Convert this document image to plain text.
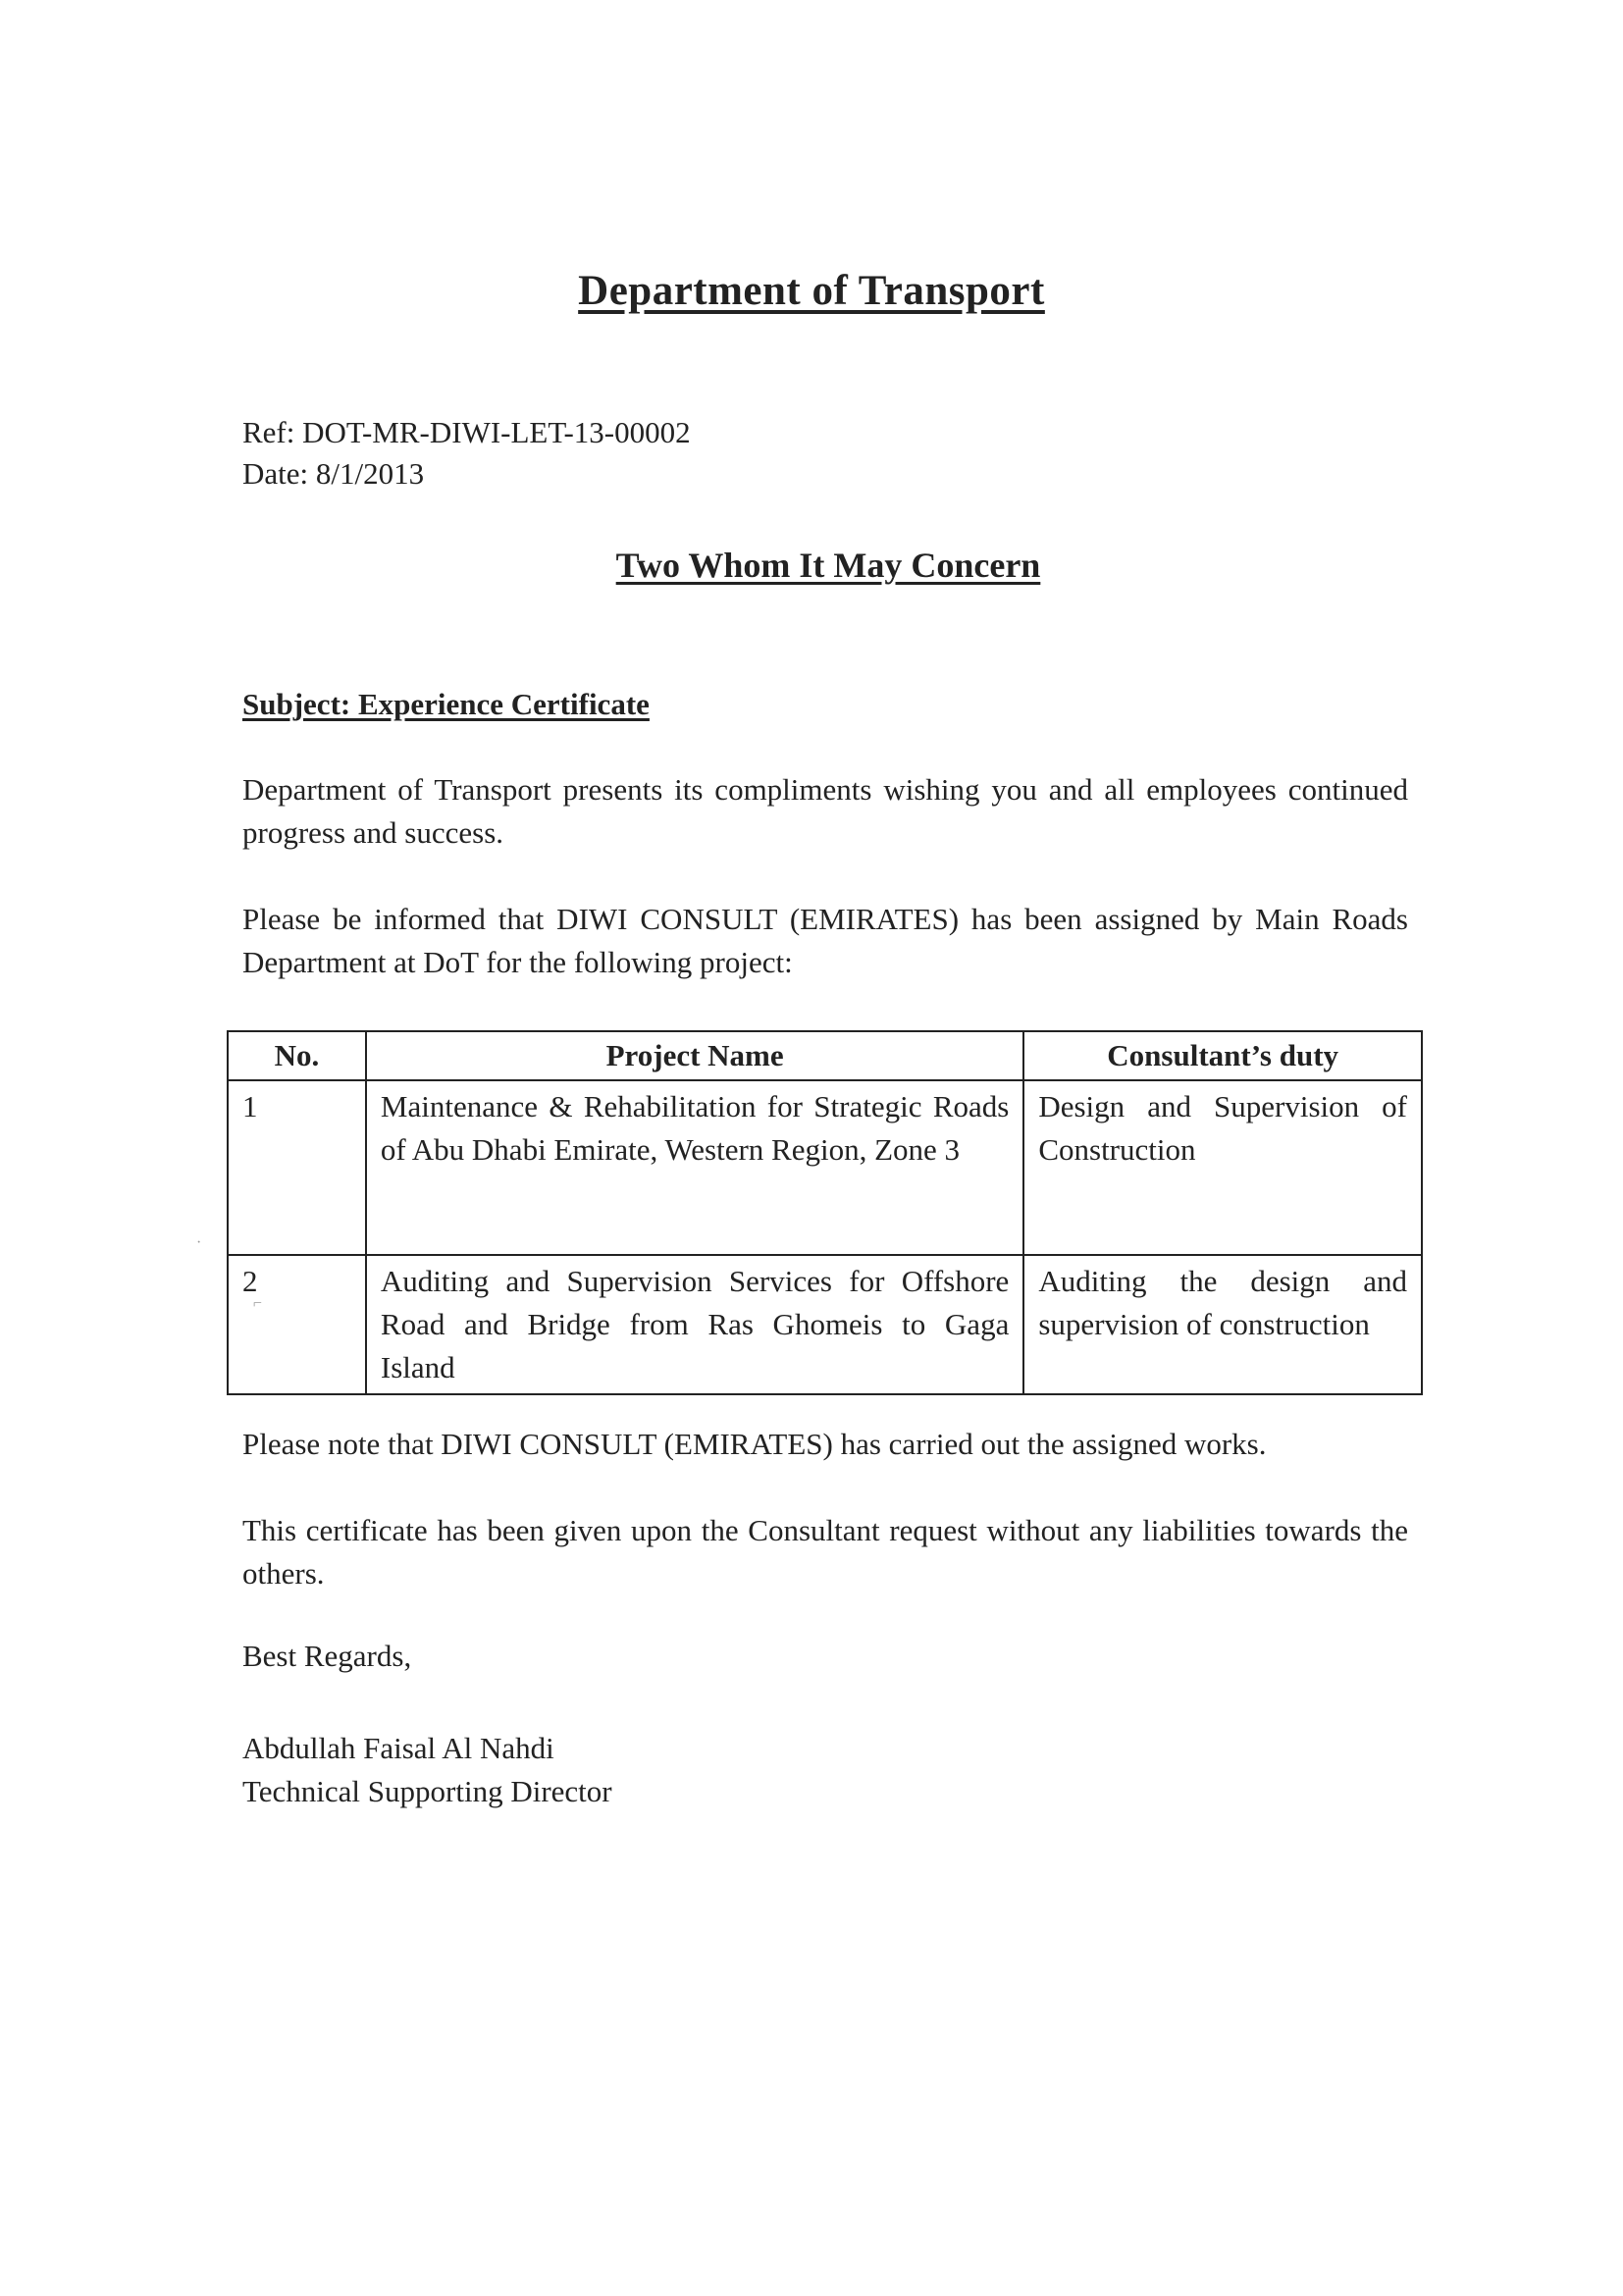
Department of Transport
Ref: DOT-MR-DIWI-LET-13-00002
Date: 8/1/2013
Two Whom It May Concern
Subject: Experience Certificate
Department of Transport presents its compliments wishing you and all employees continued progress and success.
Please be informed that DIWI CONSULT (EMIRATES) has been assigned by Main Roads Department at DoT for the following project:
No.	Project Name	Consultant’s duty
1	Maintenance & Rehabilitation for Strategic Roads of Abu Dhabi Emirate, Western Region, Zone 3	Design and Supervision of Construction
2	Auditing and Supervision Services for Offshore Road and Bridge from Ras Ghomeis to Gaga Island	Auditing the design and supervision of construction
Please note that DIWI CONSULT (EMIRATES) has carried out the assigned works.
This certificate has been given upon the Consultant request without any liabilities towards the others.
Best Regards,
Abdullah Faisal Al Nahdi
Technical Supporting Director
·
⌐
